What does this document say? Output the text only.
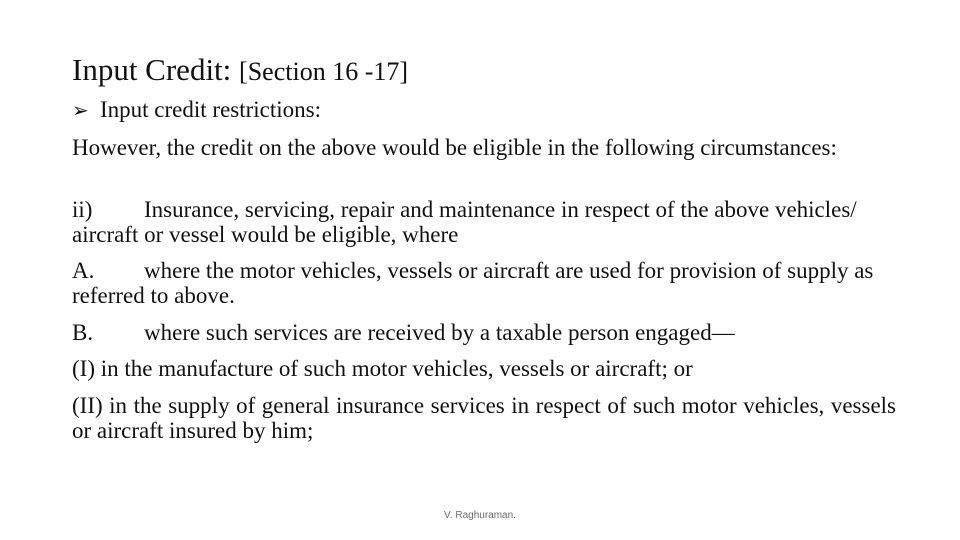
Input Credit: [Section 16 -17]
➢ Input credit restrictions:
However, the credit on the above would be eligible in the following circumstances:
ii) Insurance, servicing, repair and maintenance in respect of the above vehicles/ aircraft or vessel would be eligible, where
A. where the motor vehicles, vessels or aircraft are used for provision of supply as referred to above.
B. where such services are received by a taxable person engaged—
(I) in the manufacture of such motor vehicles, vessels or aircraft; or
(II) in the supply of general insurance services in respect of such motor vehicles, vessels or aircraft insured by him;
V. Raghuraman.
